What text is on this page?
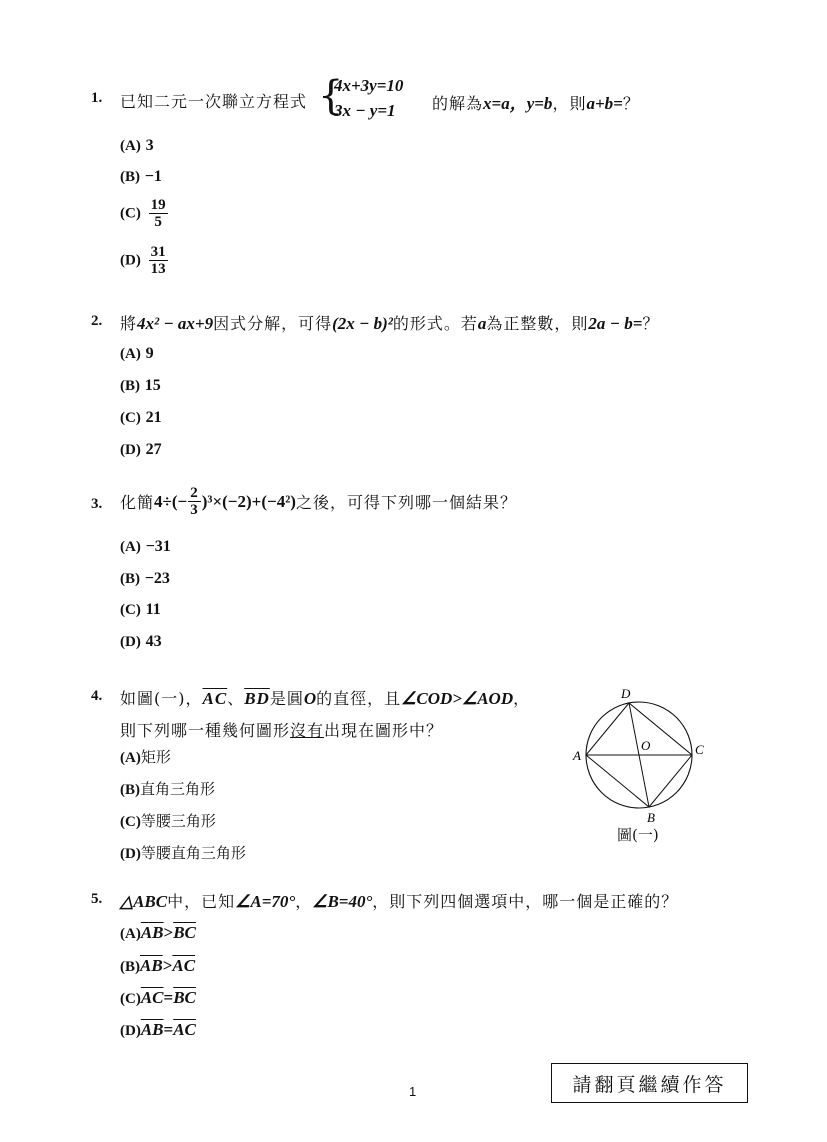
1. 已知二元一次聯立方程式 {
4x+3y=10
3x − y=1 的解為x=a，y=b，則a+b=？
(A) 3
(B) −1
$(C) \frac{19}{5}$
$(D) \frac{31}{13}$
2. 將4x² − ax+9因式分解，可得(2x − b)²的形式。若a為正整數，則2a − b=？
(A) 9
(B) 15
(C) 21
(D) 27
3. 化簡 $4\div(- \frac{2}{3} )^3\times(-2)+(-4^2)$ 之後，可得下列哪一個結果？
(A) −31
(B) −23
(C) 11
(D) 43
4. 如圖(一)，$\overline{AC}$、$\overline{BD}$是圓O的直徑，且∠COD>∠AOD，
則下列哪一種幾何圖形沒有出現在圖形中？
(A)矩形
(B)直角三角形
(C)等腰三角形
(D)等腰直角三角形
D
A	C
O
B
圖(一)
5. △ABC中，已知∠A=70°，∠B=40°，則下列四個選項中，哪一個是正確的？
$(A)\overline{AB}>\overline{BC}$
$(B)\overline{AB}>\overline{AC}$
$(C)\overline{AC}=\overline{BC}$
$(D)\overline{AB}=\overline{AC}$
1	請翻頁繼續作答
